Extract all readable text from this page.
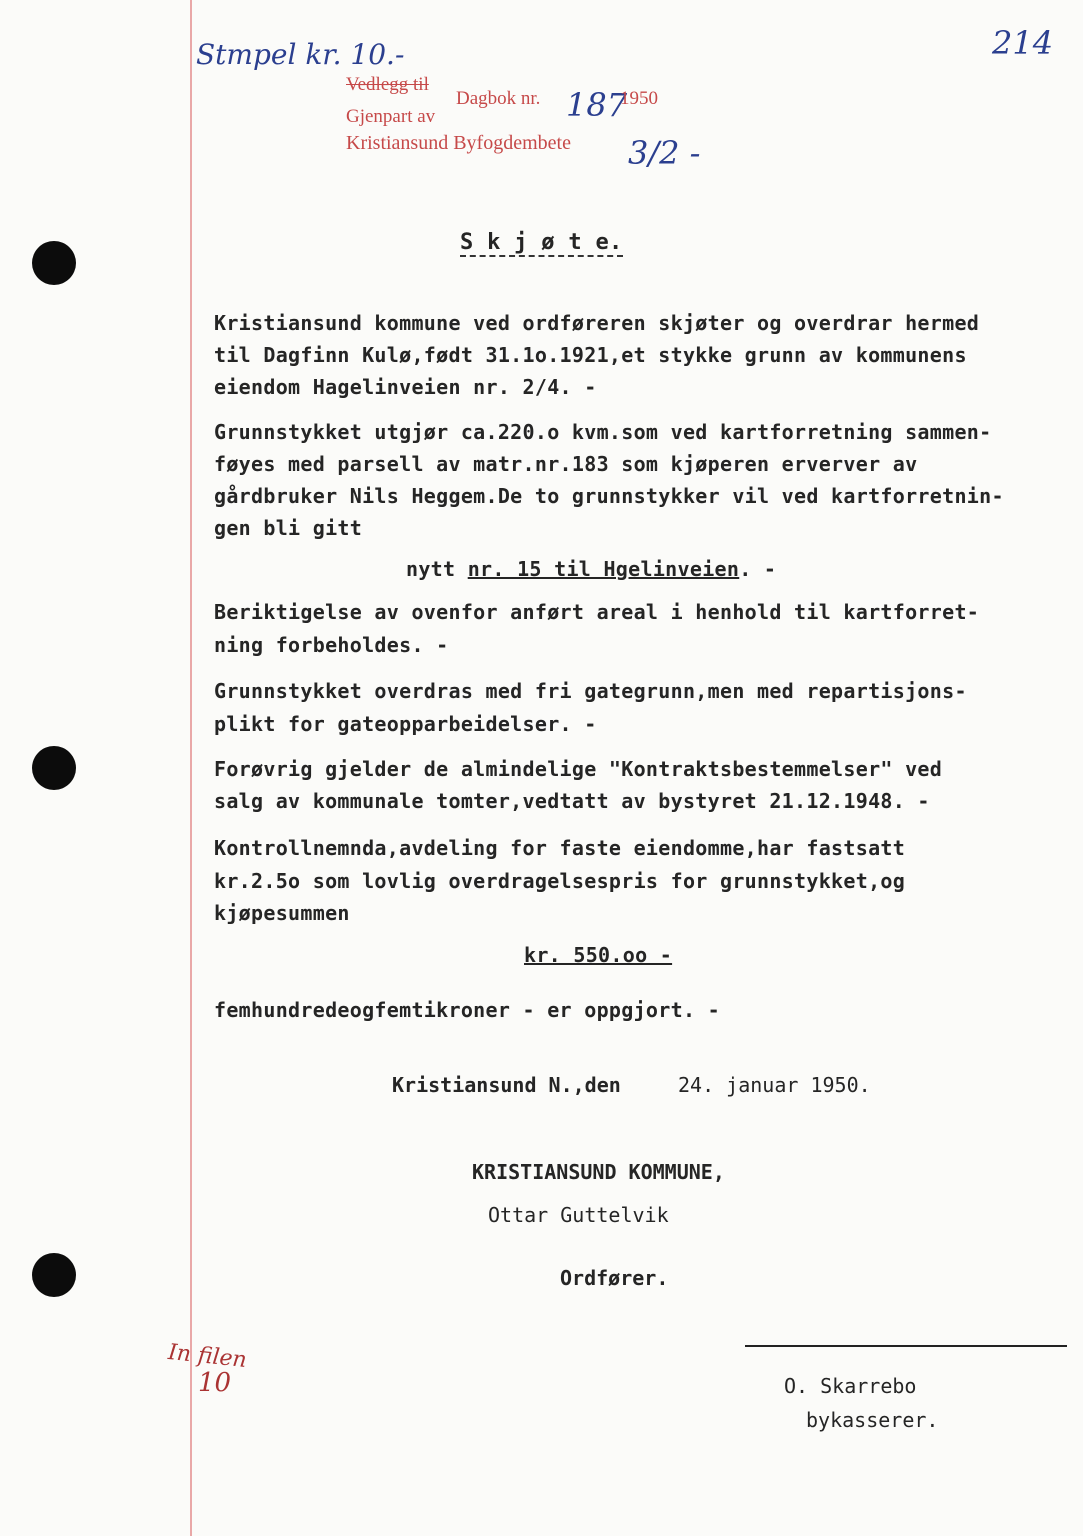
Stmpel kr. 10.-	214
187
3/2 -
In filen
10
Vedlegg til
Dagbok nr.	1950
Gjenpart av
Kristiansund Byfogdembete
S k j ø t e.
Kristiansund kommune ved ordføreren skjøter og overdrar hermed
til Dagfinn Kulø,født 31.1o.1921,et stykke grunn av kommunens
eiendom Hagelinveien nr. 2/4. -
Grunnstykket utgjør ca.220.o kvm.som ved kartforretning sammen-
føyes med parsell av matr.nr.183 som kjøperen erverver av
gårdbruker Nils Heggem.De to grunnstykker vil ved kartforretnin-
gen bli gitt
nytt nr. 15 til Hgelinveien. -
Beriktigelse av ovenfor anført areal i henhold til kartforret-
ning forbeholdes. -
Grunnstykket overdras med fri gategrunn,men med repartisjons-
plikt for gateopparbeidelser. -
Forøvrig gjelder de almindelige "Kontraktsbestemmelser" ved
salg av kommunale tomter,vedtatt av bystyret 21.12.1948. -
Kontrollnemnda,avdeling for faste eiendomme,har fastsatt
kr.2.5o som lovlig overdragelsespris for grunnstykket,og
kjøpesummen
kr. 550.oo -
femhundredeogfemtikroner - er oppgjort. -
Kristiansund N.,den	24. januar 1950.
KRISTIANSUND KOMMUNE,
Ottar Guttelvik
Ordfører.
O. Skarrebo
bykasserer.
